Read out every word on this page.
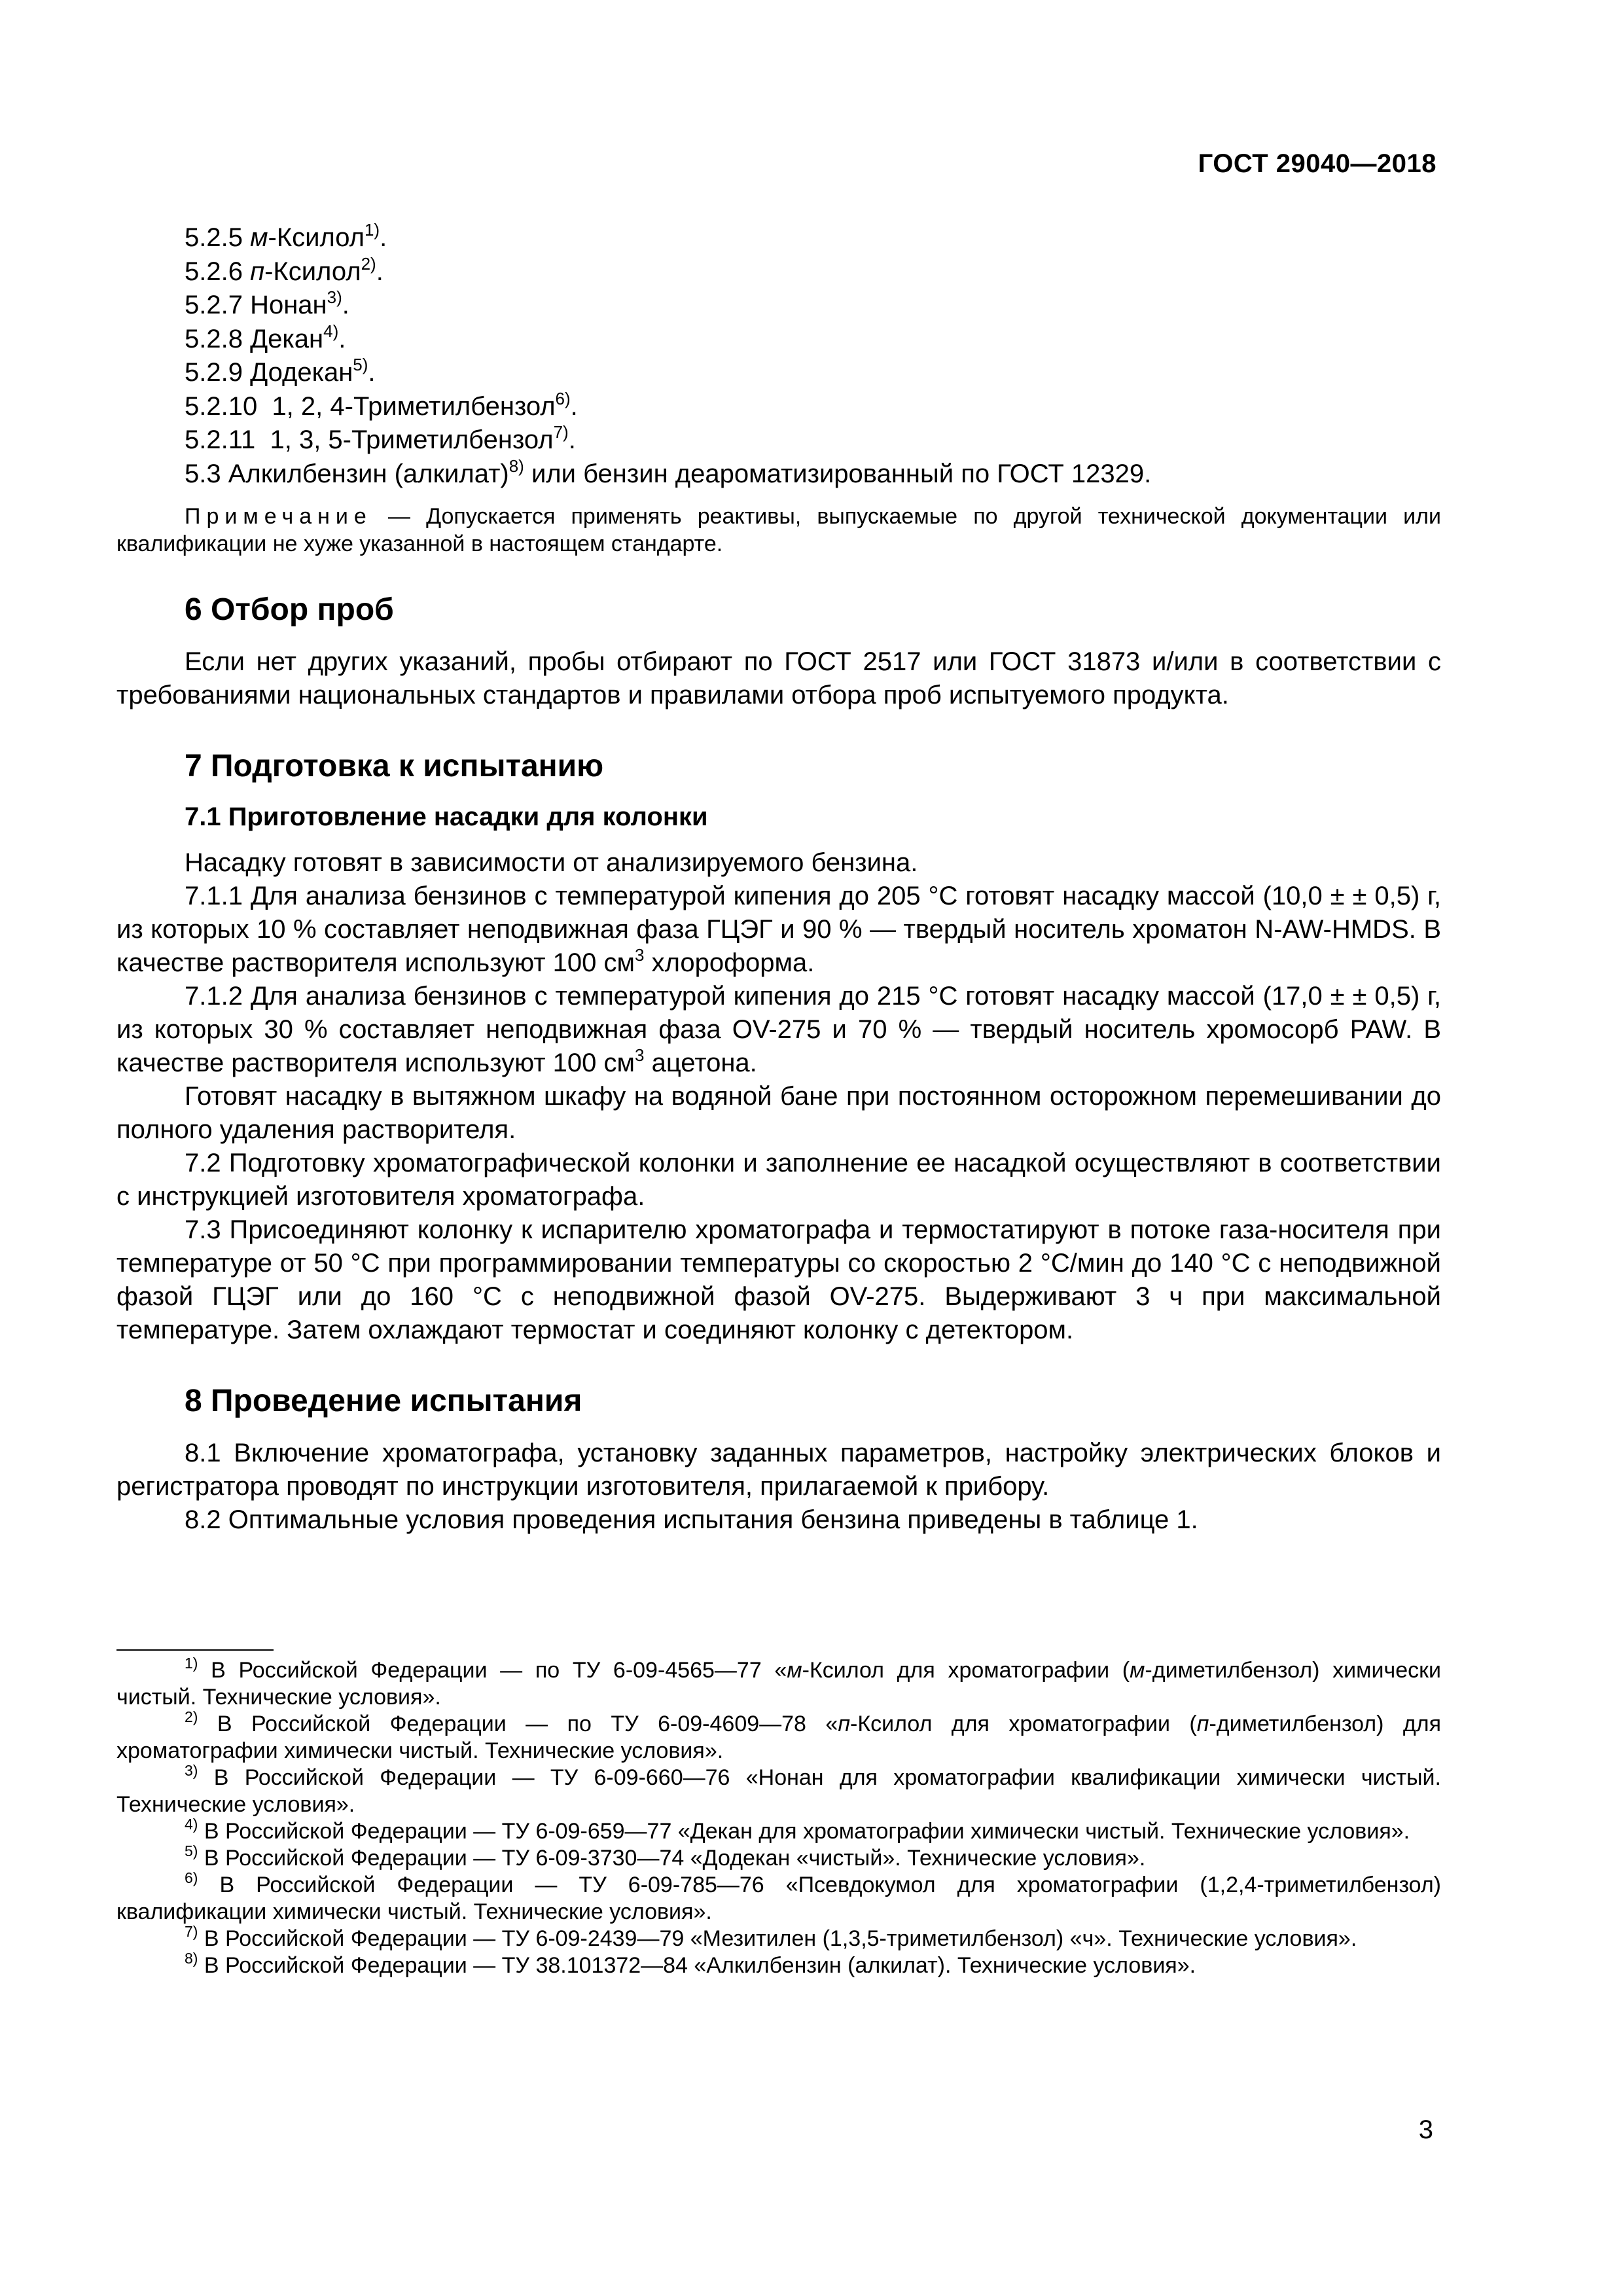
ГОСТ 29040—2018

5.2.5 м-Ксилол$^{1)}$.

5.2.6 п-Ксилол$^{2)}$.

5.2.7 Нонан$^{3)}$.

5.2.8 Декан$^{4)}$.

5.2.9 Додекан$^{5)}$.

5.2.10  1, 2, 4-Триметилбензол$^{6)}$.

5.2.11  1, 3, 5-Триметилбензол$^{7)}$.

5.3 Алкилбензин (алкилат)$^{8)}$ или бензин деароматизированный по ГОСТ 12329.

Примечание — Допускается применять реактивы, выпускаемые по другой технической документации или квалификации не хуже указанной в настоящем стандарте.

6 Отбор проб

Если нет других указаний, пробы отбирают по ГОСТ 2517 или ГОСТ 31873 и/или в соответствии с требованиями национальных стандартов и правилами отбора проб испытуемого продукта.

7 Подготовка к испытанию
7.1 Приготовление насадки для колонки

Насадку готовят в зависимости от анализируемого бензина.

7.1.1 Для анализа бензинов с температурой кипения до 205 °С готовят насадку массой (10,0 ± ± 0,5) г, из которых 10 % составляет неподвижная фаза ГЦЭГ и 90 % — твердый носитель хроматон N-AW-HMDS. В качестве растворителя используют 100 $см^3$ хлороформа.

7.1.2 Для анализа бензинов с температурой кипения до 215 °С готовят насадку массой (17,0 ± ± 0,5) г, из которых 30 % составляет неподвижная фаза OV-275 и 70 % — твердый носитель хромосорб PAW. В качестве растворителя используют 100 $см^3$ ацетона.

Готовят насадку в вытяжном шкафу на водяной бане при постоянном осторожном перемешивании до полного удаления растворителя.

7.2 Подготовку хроматографической колонки и заполнение ее насадкой осуществляют в соответствии с инструкцией изготовителя хроматографа.

7.3 Присоединяют колонку к испарителю хроматографа и термостатируют в потоке газа-носителя при температуре от 50 °С при программировании температуры со скоростью 2 °С/мин до 140 °С с неподвижной фазой ГЦЭГ или до 160 °С с неподвижной фазой OV-275. Выдерживают 3 ч при максимальной температуре. Затем охлаждают термостат и соединяют колонку с детектором.

8 Проведение испытания

8.1 Включение хроматографа, установку заданных параметров, настройку электрических блоков и регистратора проводят по инструкции изготовителя, прилагаемой к прибору.

8.2 Оптимальные условия проведения испытания бензина приведены в таблице 1.

$^{1)}$ В Российской Федерации — по ТУ 6-09-4565—77 «м-Ксилол для хроматографии (м-диметилбензол) химически чистый. Технические условия».

$^{2)}$ В Российской Федерации — по ТУ 6-09-4609—78 «п-Ксилол для хроматографии (п-диметилбензол) для хроматографии химически чистый. Технические условия».

$^{3)}$ В Российской Федерации — ТУ 6-09-660—76 «Нонан для хроматографии квалификации химически чистый. Технические условия».

$^{4)}$ В Российской Федерации — ТУ 6-09-659—77 «Декан для хроматографии химически чистый. Технические условия».

$^{5)}$ В Российской Федерации — ТУ 6-09-3730—74 «Додекан «чистый». Технические условия».

$^{6)}$ В Российской Федерации — ТУ 6-09-785—76 «Псевдокумол для хроматографии (1,2,4-триметилбензол) квалификации химически чистый. Технические условия».

$^{7)}$ В Российской Федерации — ТУ 6-09-2439—79 «Мезитилен (1,3,5-триметилбензол) «ч». Технические условия».

$^{8)}$ В Российской Федерации — ТУ 38.101372—84 «Алкилбензин (алкилат). Технические условия».

3
